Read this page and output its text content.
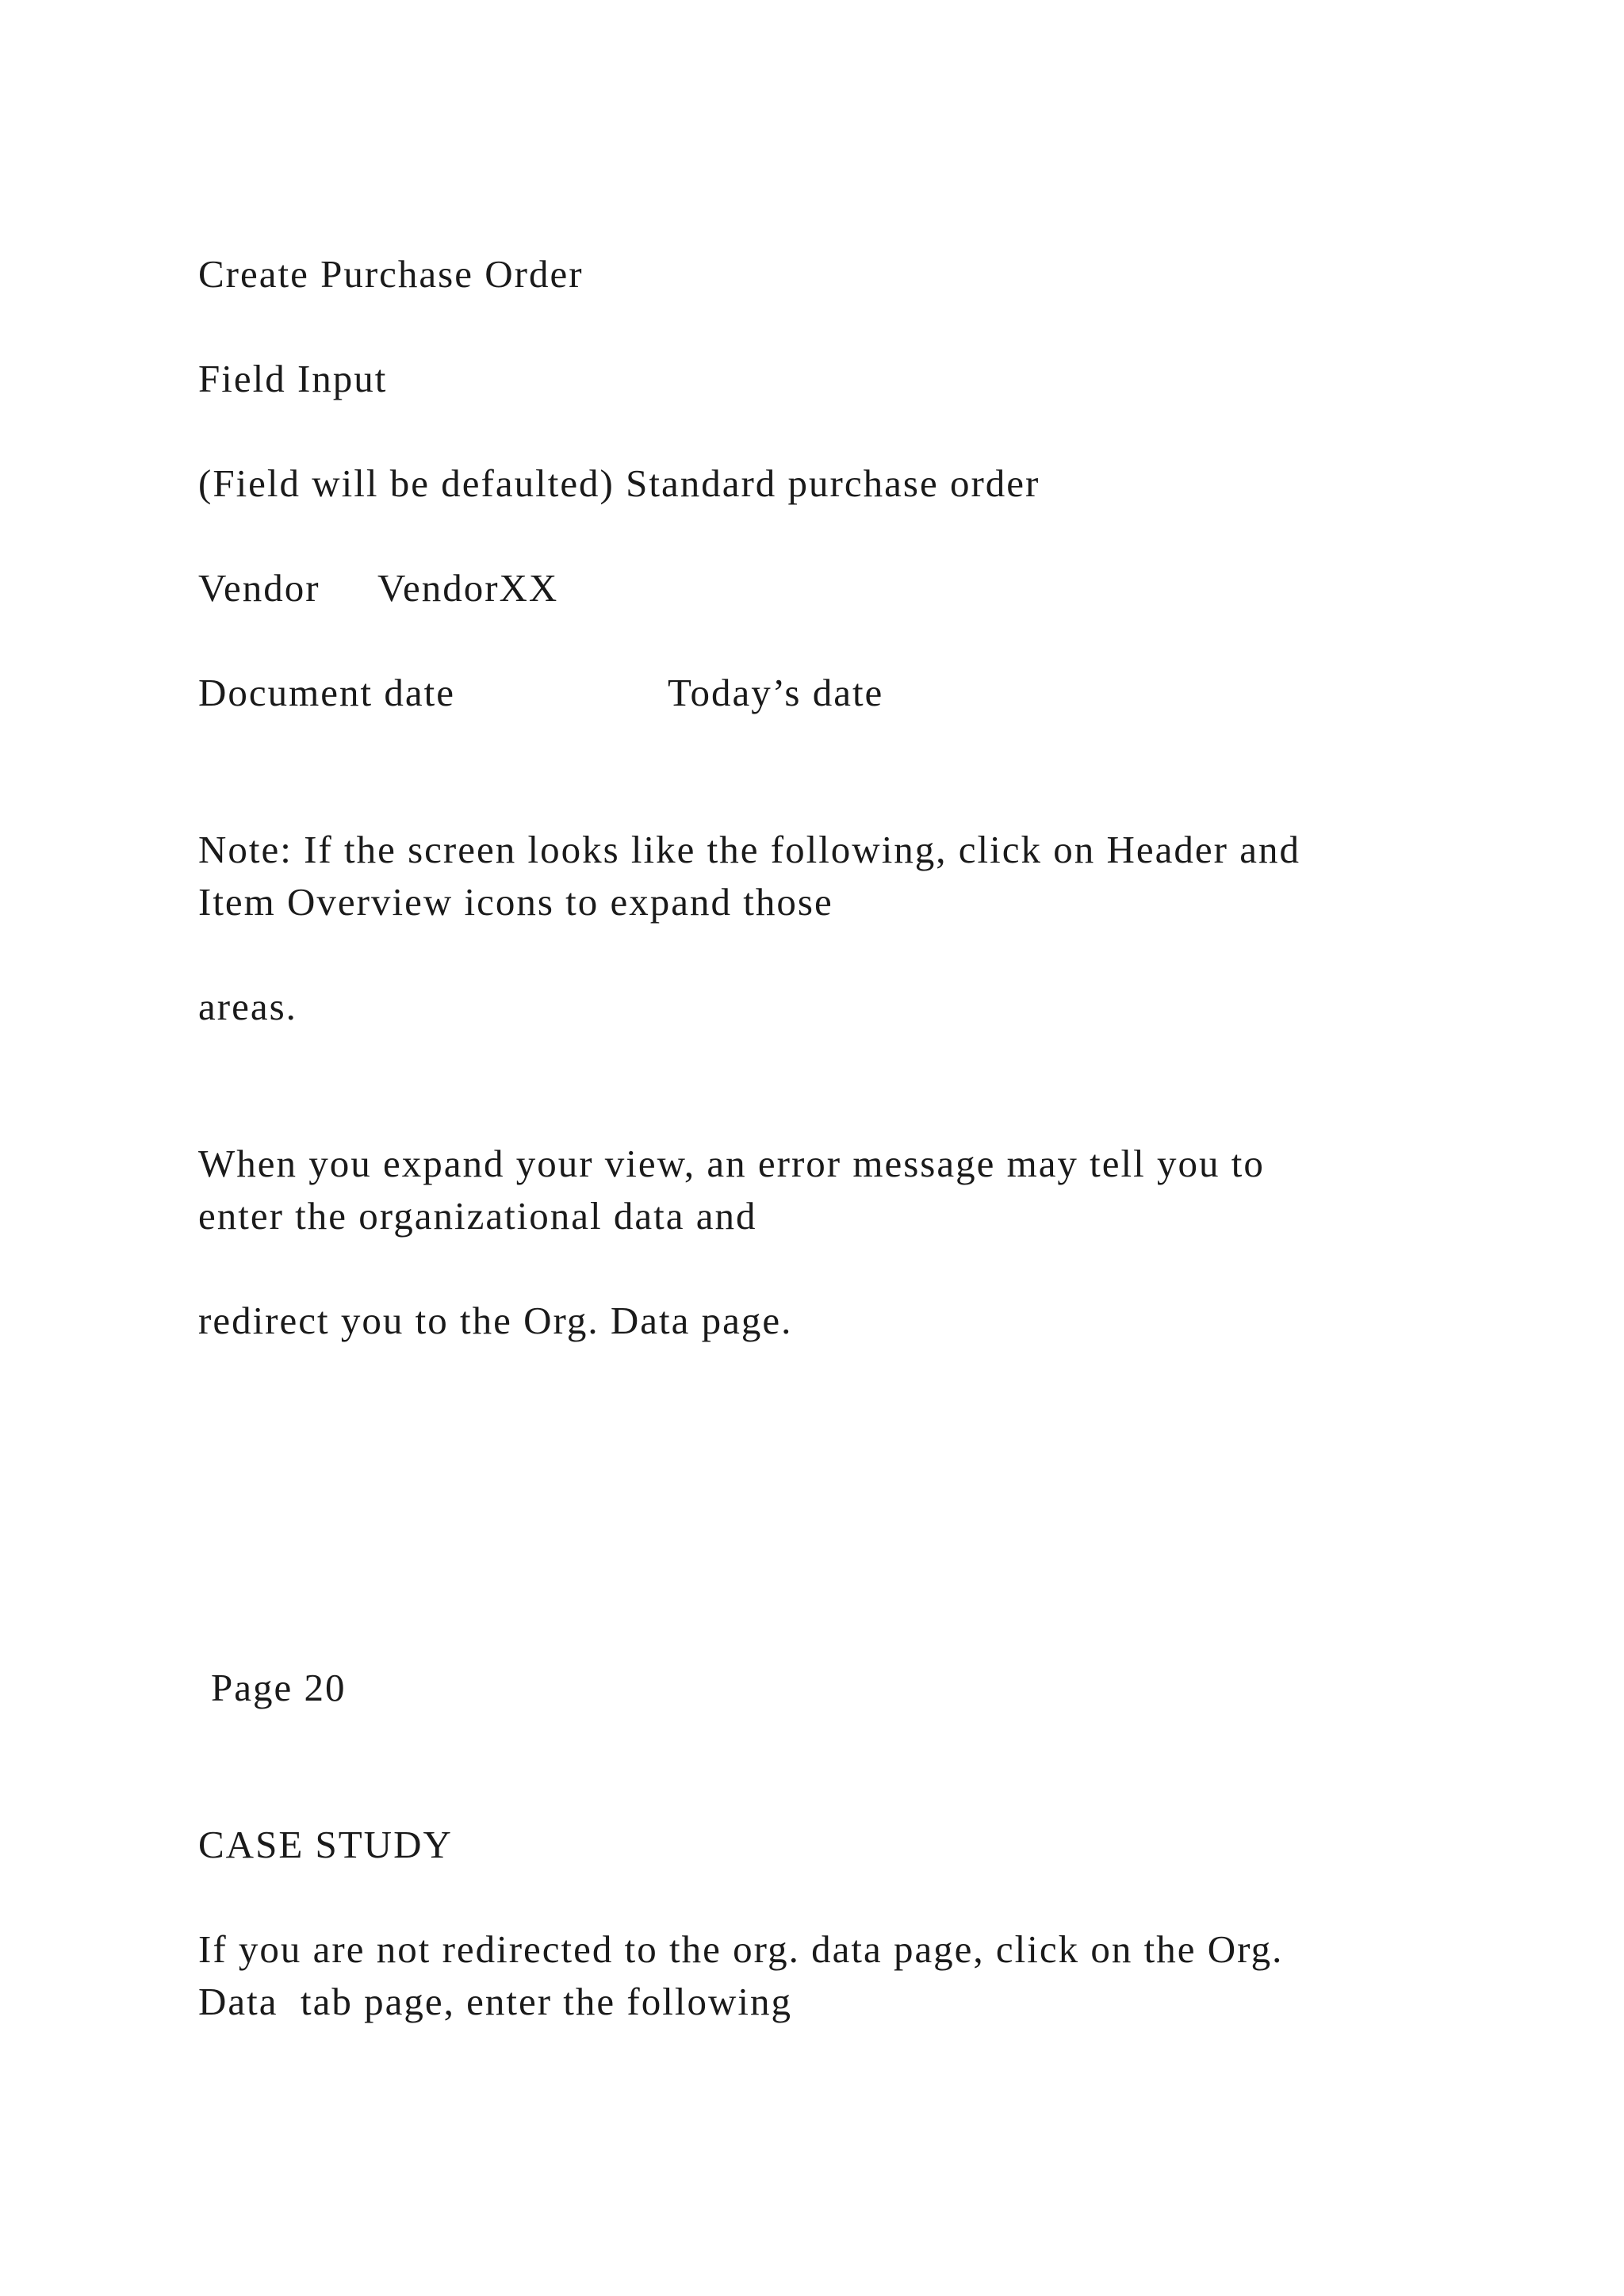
Create Purchase Order

Field Input

(Field will be defaulted) Standard purchase order

Vendor VendorXX

Document date	Today’s date

Note: If the screen looks like the following, click on Header and

Item Overview icons to expand those

areas.

When you expand your view, an error message may tell you to

enter the organizational data and

redirect you to the Org. Data page.

Page 20

CASE STUDY

If you are not redirected to the org. data page, click on the Org.

Data  tab page, enter the following
